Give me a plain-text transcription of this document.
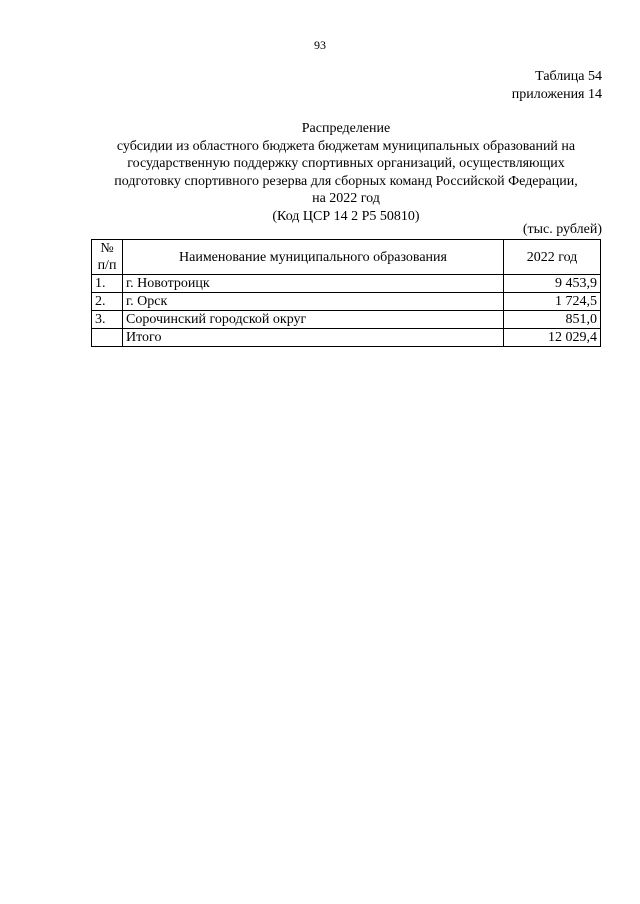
93
Таблица 54
приложения 14
Распределение
субсидии из областного бюджета бюджетам муниципальных образований на
государственную поддержку спортивных организаций, осуществляющих
подготовку спортивного резерва для сборных команд Российской Федерации,
на 2022 год
(Код ЦСР 14 2 Р5 50810)
(тыс. рублей)
№
п/п	Наименование муниципального образования	2022 год
1.	г. Новотроицк	9 453,9
2.	г. Орск	1 724,5
3.	Сорочинский городской округ	851,0
	Итого	12 029,4
